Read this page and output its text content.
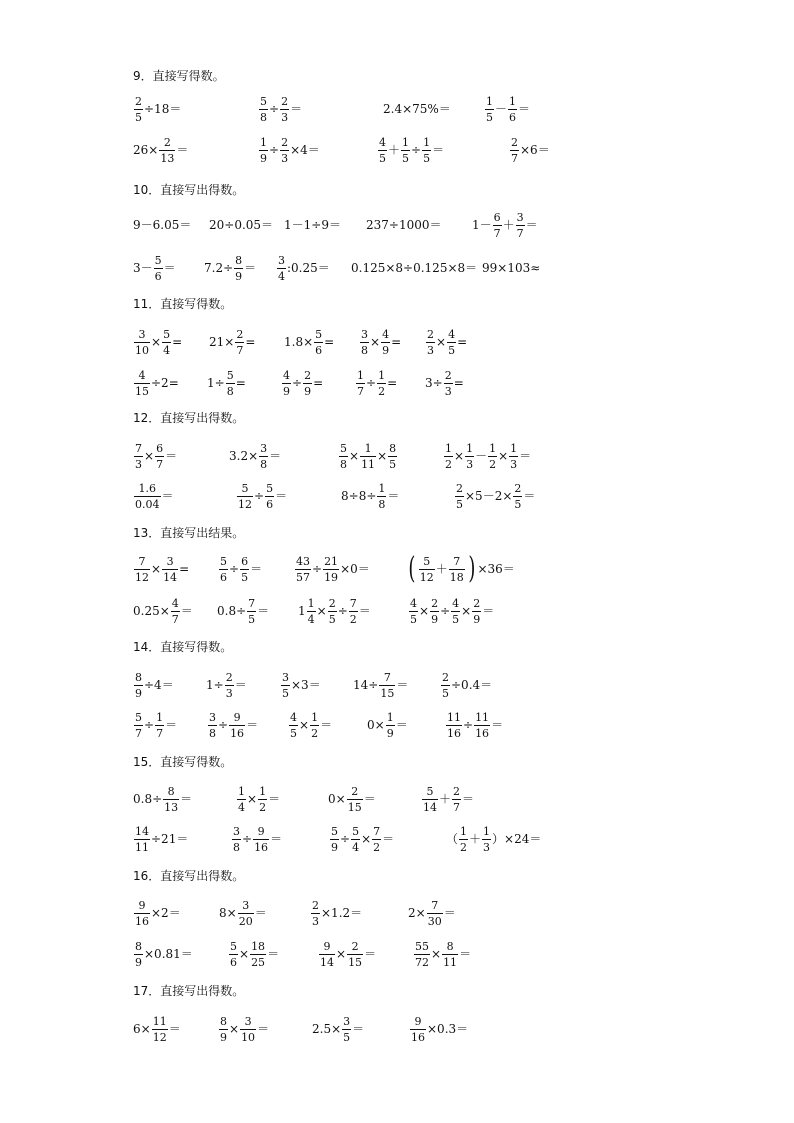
9．直接写得数。
$\frac{2}{5} \div 18=$	$\frac{5}{8} \div \frac{2}{3}$ ＝	2.4×75%＝	$\frac{1}{5} - \frac{1}{6}$ ＝
$26\times \frac{2}{13}$ ＝	$\frac{1}{9} \div \frac{2}{3} \times 4=$	$\frac{4}{5} + \frac{1}{5} \div \frac{1}{5}$ ＝	$\frac{2}{7} \times 6=$
10．直接写出得数。
9－6.05＝ 20÷0.05＝ 1－1÷9＝ 237÷1000＝	$1- \frac{6}{7} + \frac{3}{7}$ ＝
$3- \frac{5}{6} = 7.2\div \frac{8}{9} = \frac{3}{4}$ :0.25＝ 0.125×8÷0.125×8＝ 99×103≈
11．直接写得数。
$\frac{3}{10} \times \frac{5}{4} = 21\times \frac{2}{7} = 1.8\times \frac{5}{6} = \frac{3}{8} \times \frac{4}{9} = \frac{2}{3} \times \frac{4}{5}$ =
$\frac{4}{15} \div 2= 1\div \frac{5}{8}$ =	$\frac{4}{9} \div \frac{2}{9}$ =	$\frac{1}{7} \div \frac{1}{2} = 3\div \frac{2}{3}$ =
12．直接写出得数。
$\frac{7}{3} \times \frac{6}{7}$ ＝	$3.2\times \frac{3}{8}$ ＝	$\frac{5}{8} \times \frac{1}{11} \times \frac{8}{5}$	$\frac{1}{2} \times \frac{1}{3} - \frac{1}{2} \times \frac{1}{3}$ ＝
$\frac{1.6}{0.04}$ ＝	$\frac{5}{12} \div \frac{5}{6}$ ＝	$8\div 8\div \frac{1}{8}$ ＝	$\frac{2}{5} \times 5-2\times \frac{2}{5}$ ＝
13．直接写出结果。
$\frac{7}{12} \times \frac{3}{14}$ =	$\frac{5}{6} \div \frac{6}{5}$ ＝	$\frac{43}{57} \div \frac{21}{19} \times 0=$ ( $\frac{5}{12} + \frac{7}{18}$ ) ×36＝
$0.25\times \frac{4}{7} = 0.8\div \frac{7}{5} = 1 \frac{1}{4} \times \frac{2}{5} \div \frac{7}{2}$ ＝	$\frac{4}{5} \times \frac{2}{9} \div \frac{4}{5} \times \frac{2}{9}$ ＝
14．直接写得数。
$\frac{8}{9} \div 4=$	$1\div \frac{2}{3}$ ＝	$\frac{3}{5} \times 3=$	$14\div \frac{7}{15}$ ＝	$\frac{2}{5} \div 0.4=$
$\frac{5}{7} \div \frac{1}{7}$ ＝	$\frac{3}{8} \div \frac{9}{16}$ ＝	$\frac{4}{5} \times \frac{1}{2}$ ＝	$0\times \frac{1}{9}$ ＝	$\frac{11}{16} \div \frac{11}{16}$ ＝
15．直接写得数。
$0.8\div \frac{8}{13}$ ＝	$\frac{1}{4} \times \frac{1}{2}$ ＝	$0\times \frac{2}{15}$ ＝	$\frac{5}{14} + \frac{2}{7}$ ＝
$\frac{14}{11} \div 21=$	$\frac{3}{8} \div \frac{9}{16}$ ＝	$\frac{5}{9} \div \frac{5}{4} \times \frac{7}{2}$ ＝	（ $\frac{1}{2} + \frac{1}{3} )\times 24=$
16．直接写出得数。
$\frac{9}{16} \times 2=$	$8\times \frac{3}{20}$ ＝	$\frac{2}{3} \times 1.2=$	$2\times \frac{7}{30}$ ＝
$\frac{8}{9} \times 0.81=$	$\frac{5}{6} \times \frac{18}{25}$ ＝	$\frac{9}{14} \times \frac{2}{15}$ ＝	$\frac{55}{72} \times \frac{8}{11}$ ＝
17．直接写出得数。
$6\times \frac{11}{12}$ ＝	$\frac{8}{9} \times \frac{3}{10}$ ＝	$2.5\times \frac{3}{5}$ ＝	$\frac{9}{16} \times 0.3=$
